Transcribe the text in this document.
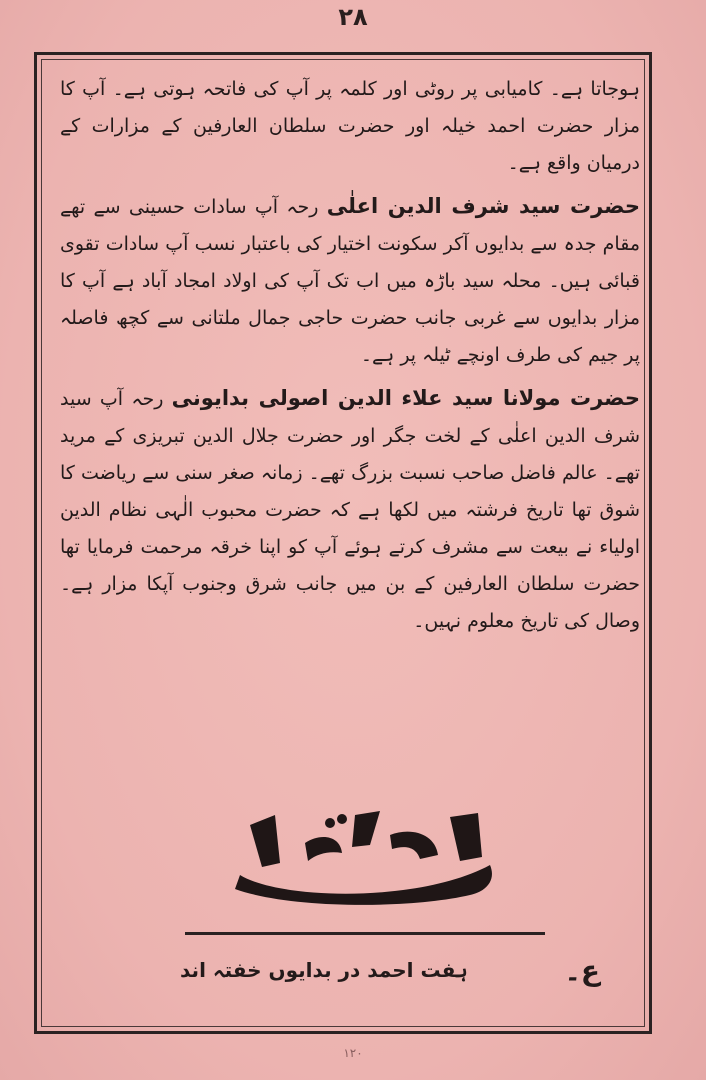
۲۸

ہوجاتا ہے۔ کامیابی پر روٹی اور کلمہ پر آپ کی فاتحہ ہوتی ہے۔ آپ کا مزار حضرت احمد خیلہ اور حضرت سلطان العارفین کے مزارات کے درمیان واقع ہے۔

حضرت سید شرف الدین اعلٰی رحہ آپ سادات حسینی سے تھے مقام جدہ سے بدایوں آکر سکونت اختیار کی باعتبار نسب آپ سادات تقوی قبائی ہیں۔ محلہ سید باڑہ میں اب تک آپ کی اولاد امجاد آباد ہے آپ کا مزار بدایوں سے غربی جانب حضرت حاجی جمال ملتانی سے کچھ فاصلہ پر جیم کی طرف اونچے ٹیلہ پر ہے۔

حضرت مولانا سید علاء الدین اصولی بدایونی رحہ آپ سید شرف الدین اعلٰی کے لخت جگر اور حضرت جلال الدین تبریزی کے مرید تھے۔ عالم فاضل صاحب نسبت بزرگ تھے۔ زمانہ صغر سنی سے ریاضت کا شوق تھا تاریخ فرشتہ میں لکھا ہے کہ حضرت محبوب الٰہی نظام الدین اولیاء نے بیعت سے مشرف کرتے ہوئے آپ کو اپنا خرقہ مرحمت فرمایا تھا حضرت سلطان العارفین کے بن میں جانب شرق وجنوب آپکا مزار ہے۔ وصال کی تاریخ معلوم نہیں۔

ع۔
ہفت احمد در بدایوں خفتہ اند
۱۲۰
